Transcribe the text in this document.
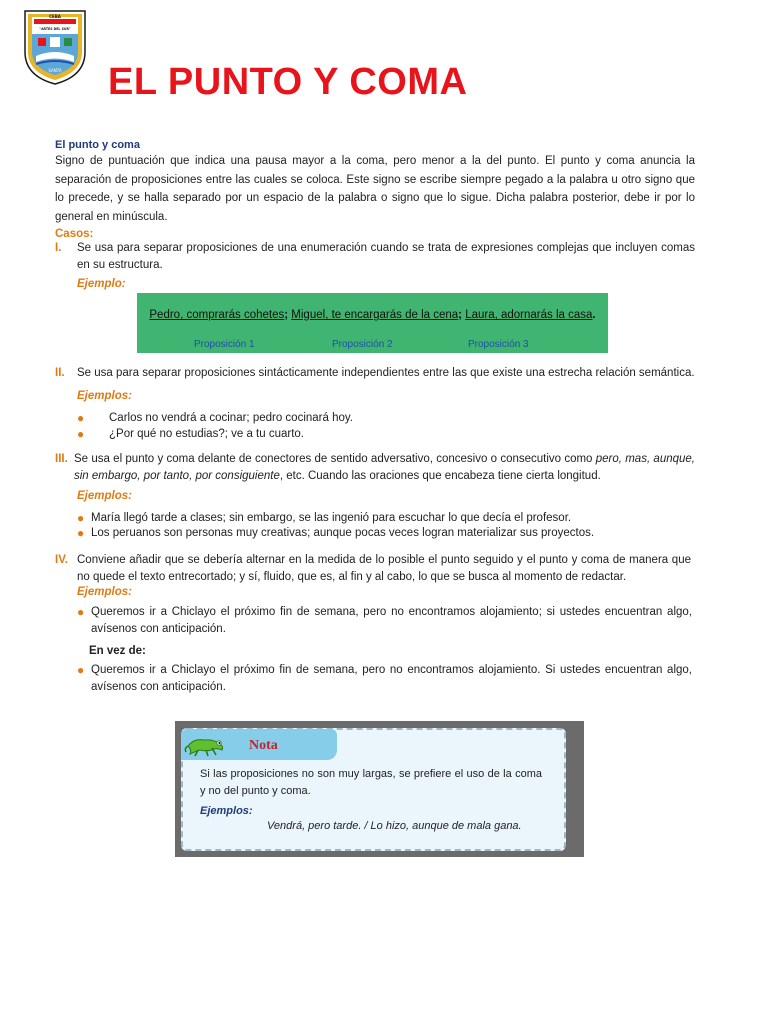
CEBA
"ARTES DEL SUR"
SANTA EL PUNTO Y COMA
El punto y coma
Signo de puntuación que indica una pausa mayor a la coma, pero menor a la del punto. El punto y coma anuncia la separación de proposiciones entre las cuales se coloca. Este signo se escribe siempre pegado a la palabra u otro signo que lo precede, y se halla separado por un espacio de la palabra o signo que lo sigue. Dicha palabra posterior, debe ir por lo general en minúscula.
Casos:
I.	Se usa para separar proposiciones de una enumeración cuando se trata de expresiones complejas que incluyen comas en su estructura.
Ejemplo:
Pedro, comprarás cohetes; Miguel, te encargarás de la cena; Laura, adornarás la casa.
Proposición 1	Proposición 2	Proposición 3
II.	Se usa para separar proposiciones sintácticamente independientes entre las que existe una estrecha relación semántica.
Ejemplos:
●	Carlos no vendrá a cocinar; pedro cocinará hoy.
●	¿Por qué no estudias?; ve a tu cuarto.
III. Se usa el punto y coma delante de conectores de sentido adversativo, concesivo o consecutivo como pero, mas, aunque, sin embargo, por tanto, por consiguiente, etc. Cuando las oraciones que encabeza tiene cierta longitud.
Ejemplos:
● María llegó tarde a clases; sin embargo, se las ingenió para escuchar lo que decía el profesor.
● Los peruanos son personas muy creativas; aunque pocas veces logran materializar sus proyectos.
IV. Conviene añadir que se debería alternar en la medida de lo posible el punto seguido y el punto y coma de manera que no quede el texto entrecortado; y sí, fluido, que es, al fin y al cabo, lo que se busca al momento de redactar.
Ejemplos:
● Queremos ir a Chiclayo el próximo fin de semana, pero no encontramos alojamiento; si ustedes encuentran algo, avísenos con anticipación.
En vez de:
● Queremos ir a Chiclayo el próximo fin de semana, pero no encontramos alojamiento. Si ustedes encuentran algo, avísenos con anticipación.
Nota
Si las proposiciones no son muy largas, se prefiere el uso de la coma y no del punto y coma.
Ejemplos:
Vendrá, pero tarde. / Lo hizo, aunque de mala gana.
